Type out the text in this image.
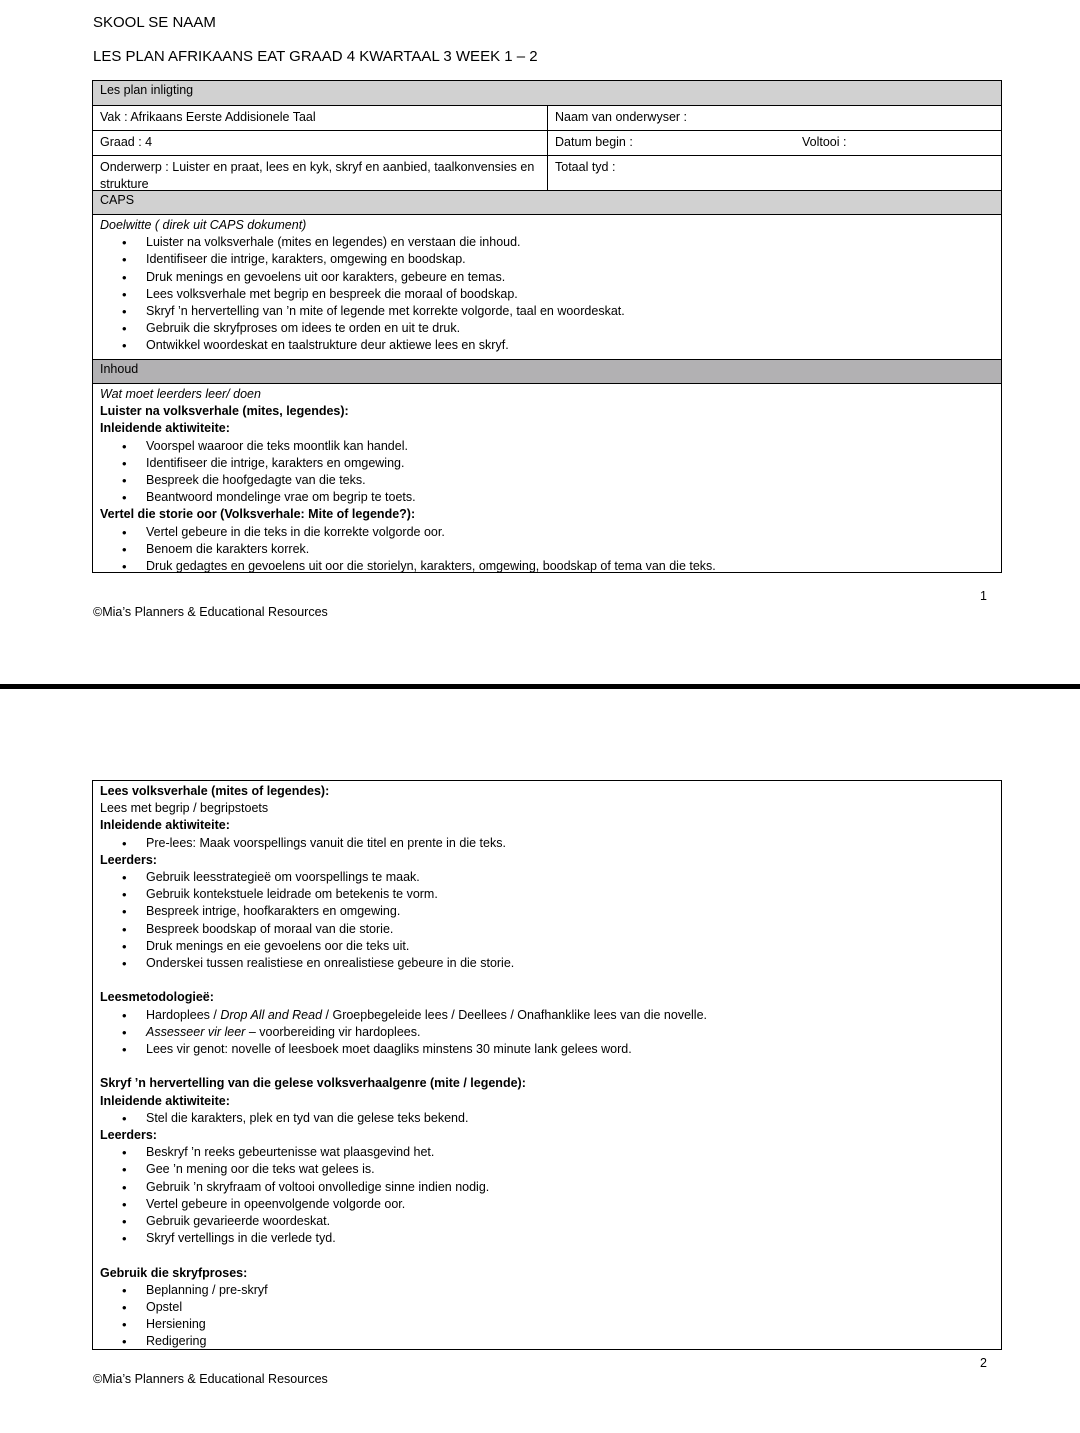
SKOOL SE NAAM
LES PLAN AFRIKAANS EAT GRAAD 4 KWARTAAL 3 WEEK 1 – 2
Les plan inligting
Vak : Afrikaans Eerste Addisionele Taal	Naam van onderwyser :
Graad : 4	Datum begin :	Voltooi :
Onderwerp : Luister en praat, lees en kyk, skryf en aanbied, taalkonvensies en strukture
Totaal tyd :
CAPS

Doelwitte ( direk uit CAPS dokument)

• Luister na volksverhale (mites en legendes) en verstaan die inhoud.
• Identifiseer die intrige, karakters, omgewing en boodskap.
• Druk menings en gevoelens uit oor karakters, gebeure en temas.
• Lees volksverhale met begrip en bespreek die moraal of boodskap.
• Skryf ’n hervertelling van ’n mite of legende met korrekte volgorde, taal en woordeskat.
• Gebruik die skryfproses om idees te orden en uit te druk.
• Ontwikkel woordeskat en taalstrukture deur aktiewe lees en skryf.
Inhoud

Wat moet leerders leer/ doen

Luister na volksverhale (mites, legendes):

Inleidende aktiwiteite:

• Voorspel waaroor die teks moontlik kan handel.
• Identifiseer die intrige, karakters en omgewing.
• Bespreek die hoofgedagte van die teks.
• Beantwoord mondelinge vrae om begrip te toets.

Vertel die storie oor (Volksverhale: Mite of legende?):

• Vertel gebeure in die teks in die korrekte volgorde oor.
• Benoem die karakters korrek.
• Druk gedagtes en gevoelens uit oor die storielyn, karakters, omgewing, boodskap of tema van die teks.
1
©Mia’s Planners & Educational Resources

Lees volksverhale (mites of legendes):

Lees met begrip / begripstoets

Inleidende aktiwiteite:

• Pre-lees: Maak voorspellings vanuit die titel en prente in die teks.

Leerders:

• Gebruik leesstrategieë om voorspellings te maak.
• Gebruik kontekstuele leidrade om betekenis te vorm.
• Bespreek intrige, hoofkarakters en omgewing.
• Bespreek boodskap of moraal van die storie.
• Druk menings en eie gevoelens oor die teks uit.
• Onderskei tussen realistiese en onrealistiese gebeure in die storie.

Leesmetodologieë:

• Hardoplees / Drop All and Read / Groepbegeleide lees / Deellees / Onafhanklike lees van die novelle.
• Assesseer vir leer – voorbereiding vir hardoplees.
• Lees vir genot: novelle of leesboek moet daagliks minstens 30 minute lank gelees word.

Skryf ’n hervertelling van die gelese volksverhaalgenre (mite / legende):

Inleidende aktiwiteite:

• Stel die karakters, plek en tyd van die gelese teks bekend.

Leerders:

• Beskryf ’n reeks gebeurtenisse wat plaasgevind het.
• Gee ’n mening oor die teks wat gelees is.
• Gebruik ’n skryfraam of voltooi onvolledige sinne indien nodig.
• Vertel gebeure in opeenvolgende volgorde oor.
• Gebruik gevarieerde woordeskat.
• Skryf vertellings in die verlede tyd.

Gebruik die skryfproses:

• Beplanning / pre-skryf
• Opstel
• Hersiening
• Redigering
2
©Mia’s Planners & Educational Resources
